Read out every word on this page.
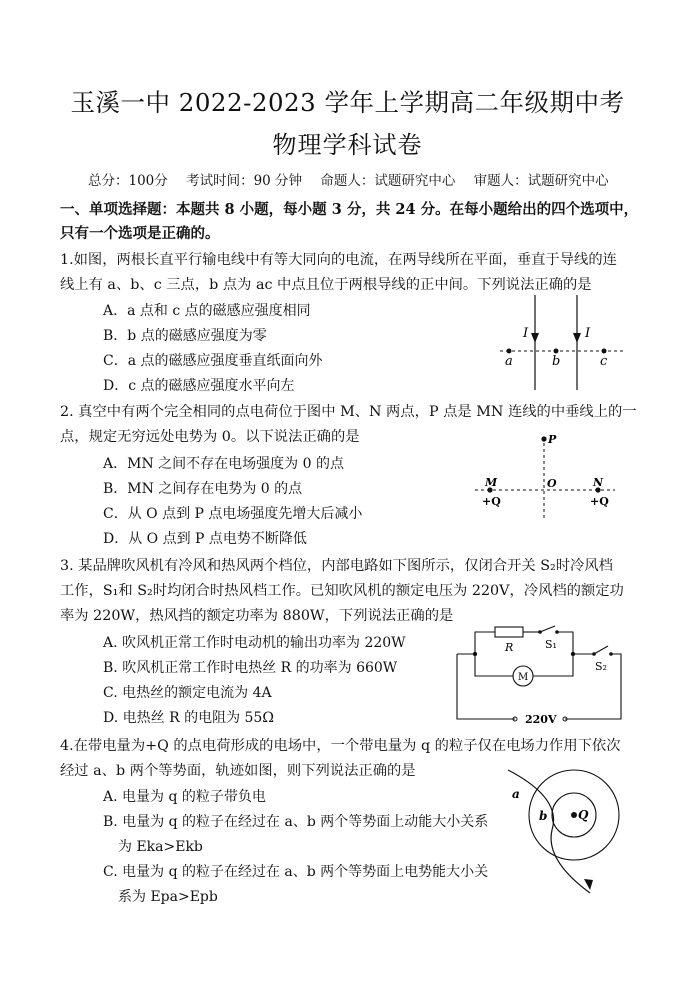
玉溪一中 2022-2023 学年上学期高二年级期中考
物理学科试卷
总分：100分 考试时间：90 分钟 命题人：试题研究中心 审题人：试题研究中心
一、单项选择题：本题共 8 小题，每小题 3 分，共 24 分。在每小题给出的四个选项中，
只有一个选项是正确的。
1.如图，两根长直平行输电线中有等大同向的电流，在两导线所在平面，垂直于导线的连
线上有 a、b、c 三点，b 点为 ac 中点且位于两根导线的正中间。下列说法正确的是
A．a 点和 c 点的磁感应强度相同
B．b 点的磁感应强度为零
C．a 点的磁感应强度垂直纸面向外
D．c 点的磁感应强度水平向左
I	I
a	b	c
2. 真空中有两个完全相同的点电荷位于图中 M、N 两点，P 点是 MN 连线的中垂线上的一
点，规定无穷远处电势为 0。以下说法正确的是
A．MN 之间不存在电场强度为 0 的点
B．MN 之间存在电势为 0 的点
C．从 O 点到 P 点电场强度先增大后减小
D．从 O 点到 P 点电势不断降低
P
M	O	N
+Q	+Q
3. 某品牌吹风机有冷风和热风两个档位，内部电路如下图所示，仅闭合开关 S₂时冷风档
工作，S₁和 S₂时均闭合时热风档工作。已知吹风机的额定电压为 220V，冷风档的额定功
率为 220W，热风挡的额定功率为 880W，下列说法正确的是
A. 吹风机正常工作时电动机的输出功率为 220W
B. 吹风机正常工作时电热丝 R 的功率为 660W
C. 电热丝的额定电流为 4A
D. 电热丝 R 的电阻为 55Ω	220V
R	S₁
M
S₂
4.在带电量为+Q 的点电荷形成的电场中，一个带电量为 q 的粒子仅在电场力作用下依次
经过 a、b 两个等势面，轨迹如图，则下列说法正确的是
A. 电量为 q 的粒子带负电
B. 电量为 q 的粒子在经过在 a、b 两个等势面上动能大小关系
为 Eka>Ekb
C. 电量为 q 的粒子在经过在 a、b 两个等势面上电势能大小关
系为 Epa>Epb
a
b	Q
